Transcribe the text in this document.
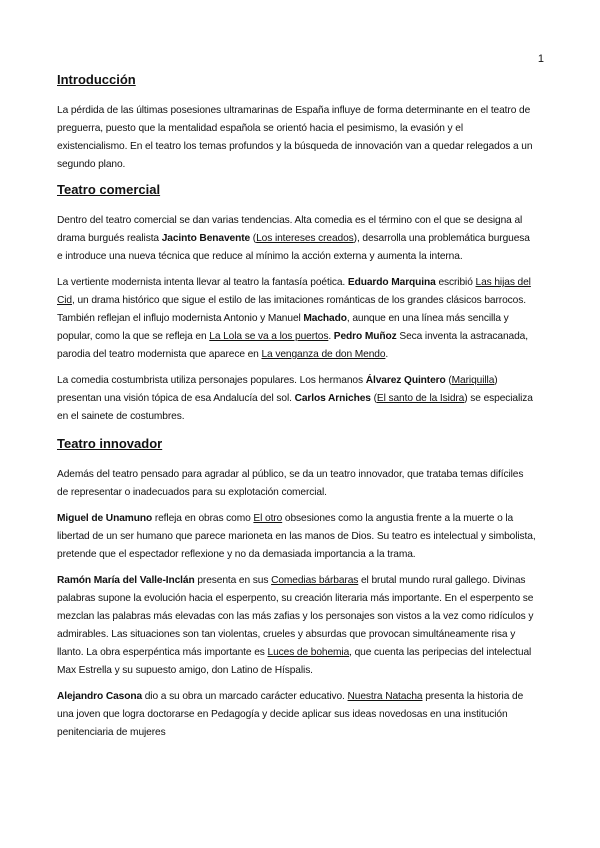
1
Introducción

La pérdida de las últimas posesiones ultramarinas de España influye de forma determinante en el teatro de preguerra, puesto que la mentalidad española se orientó hacia el pesimismo, la evasión y el existencialismo. En el teatro los temas profundos y la búsqueda de innovación van a quedar relegados a un segundo plano.

Teatro comercial

Dentro del teatro comercial se dan varias tendencias. Alta comedia es el término con el que se designa al drama burgués realista Jacinto Benavente (Los intereses creados), desarrolla una problemática burguesa e introduce una nueva técnica que reduce al mínimo la acción externa y aumenta la interna.

La vertiente modernista intenta llevar al teatro la fantasía poética. Eduardo Marquina escribió Las hijas del Cid, un drama histórico que sigue el estilo de las imitaciones románticas de los grandes clásicos barrocos. También reflejan el influjo modernista Antonio y Manuel Machado, aunque en una línea más sencilla y popular, como la que se refleja en La Lola se va a los puertos. Pedro Muñoz Seca inventa la astracanada, parodia del teatro modernista que aparece en La venganza de don Mendo.

La comedia costumbrista utiliza personajes populares. Los hermanos Álvarez Quintero (Mariquilla) presentan una visión tópica de esa Andalucía del sol. Carlos Arniches (El santo de la Isidra) se especializa en el sainete de costumbres.

Teatro innovador

Además del teatro pensado para agradar al público, se da un teatro innovador, que trataba temas difíciles de representar o inadecuados para su explotación comercial.

Miguel de Unamuno refleja en obras como El otro obsesiones como la angustia frente a la muerte o la libertad de un ser humano que parece marioneta en las manos de Dios. Su teatro es intelectual y simbolista, pretende que el espectador reflexione y no da demasiada importancia a la trama.

Ramón María del Valle-Inclán presenta en sus Comedias bárbaras el brutal mundo rural gallego. Divinas palabras supone la evolución hacia el esperpento, su creación literaria más importante. En el esperpento se mezclan las palabras más elevadas con las más zafias y los personajes son vistos a la vez como ridículos y admirables. Las situaciones son tan violentas, crueles y absurdas que provocan simultáneamente risa y llanto. La obra esperpéntica más importante es Luces de bohemia, que cuenta las peripecias del intelectual Max Estrella y su supuesto amigo, don Latino de Híspalis.

Alejandro Casona dio a su obra un marcado carácter educativo. Nuestra Natacha presenta la historia de una joven que logra doctorarse en Pedagogía y decide aplicar sus ideas novedosas en una institución penitenciaria de mujeres
